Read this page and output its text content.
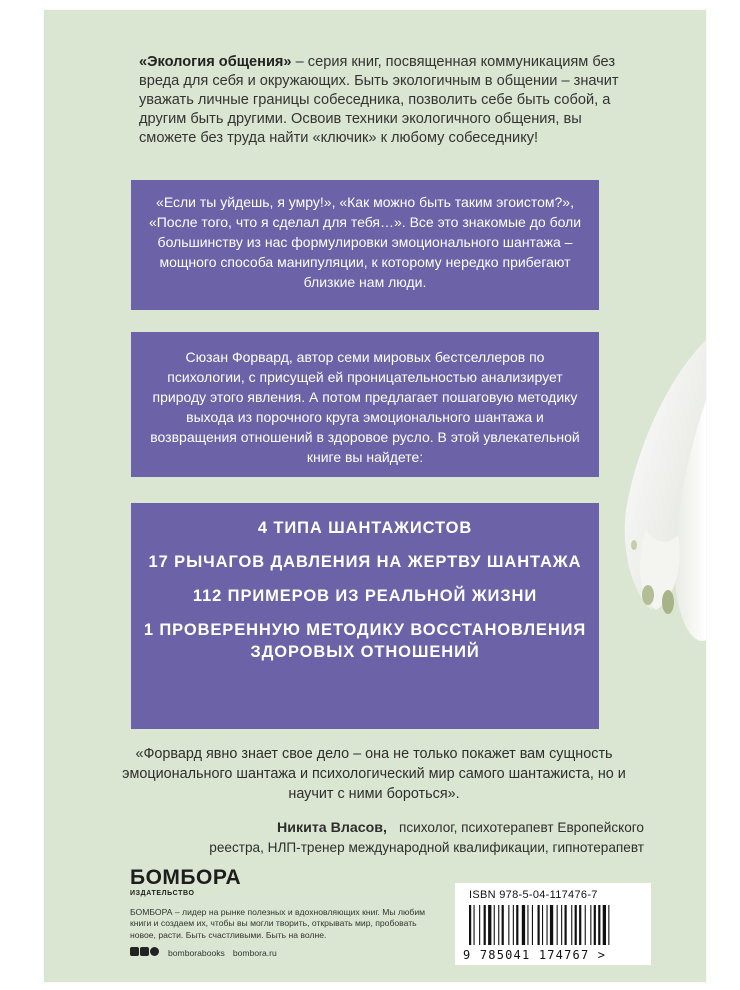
«Экология общения» – серия книг, посвященная коммуникациям без вреда для себя и окружающих. Быть экологичным в общении – значит уважать личные границы собеседника, позволить себе быть собой, а другим быть другими. Освоив техники экологичного общения, вы сможете без труда найти «ключик» к любому собеседнику!
«Если ты уйдешь, я умру!», «Как можно быть таким эгоистом?», «После того, что я сделал для тебя…». Все это знакомые до боли большинству из нас формулировки эмоционального шантажа – мощного способа манипуляции, к которому нередко прибегают близкие нам люди.
Сюзан Форвард, автор семи мировых бестселлеров по психологии, с присущей ей проницательностью анализирует природу этого явления. А потом предлагает пошаговую методику выхода из порочного круга эмоционального шантажа и возвращения отношений в здоровое русло. В этой увлекательной книге вы найдете:
4 ТИПА ШАНТАЖИСТОВ
17 РЫЧАГОВ ДАВЛЕНИЯ НА ЖЕРТВУ ШАНТАЖА
112 ПРИМЕРОВ ИЗ РЕАЛЬНОЙ ЖИЗНИ
1 ПРОВЕРЕННУЮ МЕТОДИКУ ВОССТАНОВЛЕНИЯ ЗДОРОВЫХ ОТНОШЕНИЙ
«Форвард явно знает свое дело – она не только покажет вам сущность эмоционального шантажа и психологический мир самого шантажиста, но и научит с ними бороться».
Никита Власов, психолог, психотерапевт Европейского
реестра, НЛП-тренер международной квалификации, гипнотерапевт
БОМБОРА
ИЗДАТЕЛЬСТВО
БОМБОРА – лидер на рынке полезных и вдохновляющих книг. Мы любим книги и создаем их, чтобы вы могли творить, открывать мир, пробовать новое, расти. Быть счастливыми. Быть на волне.
bomborabooks bombora.ru
ISBN 978-5-04-117476-7
9 785041 174767 >
